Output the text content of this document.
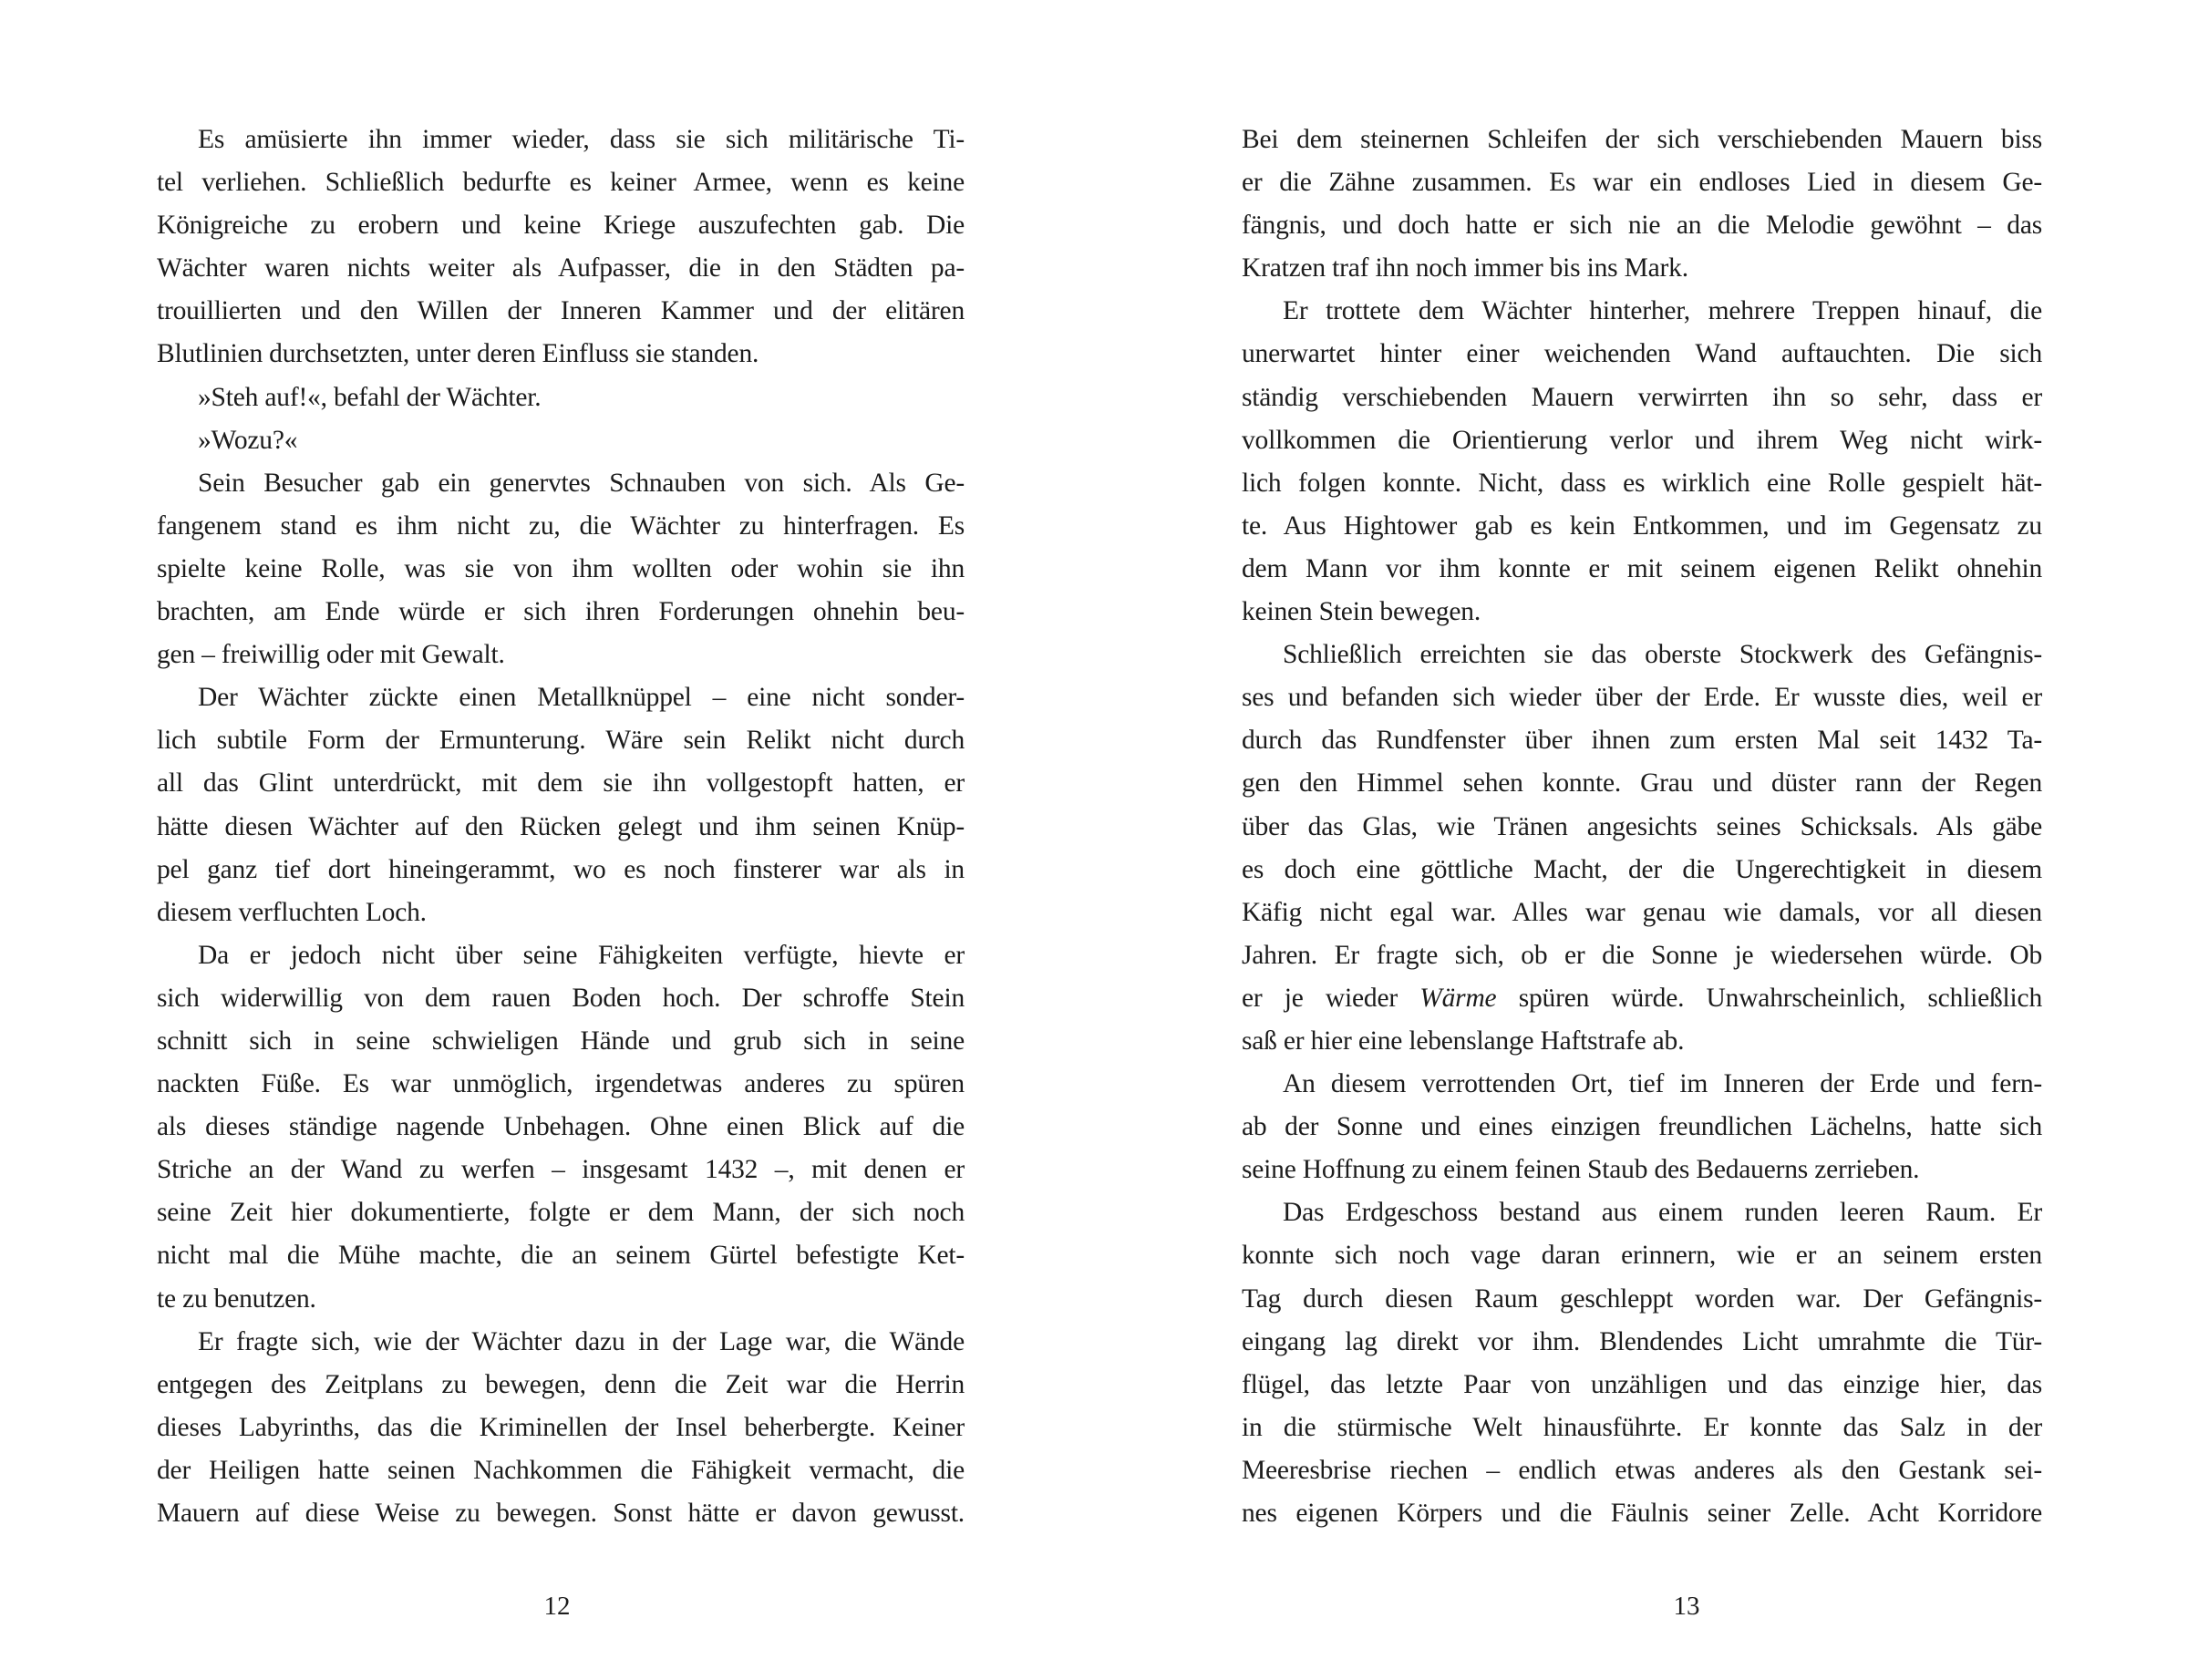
Es amüsierte ihn immer wieder, dass sie sich militärische Ti-
tel verliehen. Schließlich bedurfte es keiner Armee, wenn es keine
Königreiche zu erobern und keine Kriege auszufechten gab. Die
Wächter waren nichts weiter als Aufpasser, die in den Städten pa-
trouillierten und den Willen der Inneren Kammer und der elitären
Blutlinien durchsetzten, unter deren Einfluss sie standen.
»Steh auf!«, befahl der Wächter.
»Wozu?«
Sein Besucher gab ein genervtes Schnauben von sich. Als Ge-
fangenem stand es ihm nicht zu, die Wächter zu hinterfragen. Es
spielte keine Rolle, was sie von ihm wollten oder wohin sie ihn
brachten, am Ende würde er sich ihren Forderungen ohnehin beu-
gen – freiwillig oder mit Gewalt.
Der Wächter zückte einen Metallknüppel – eine nicht sonder-
lich subtile Form der Ermunterung. Wäre sein Relikt nicht durch
all das Glint unterdrückt, mit dem sie ihn vollgestopft hatten, er
hätte diesen Wächter auf den Rücken gelegt und ihm seinen Knüp-
pel ganz tief dort hineingerammt, wo es noch finsterer war als in
diesem verfluchten Loch.
Da er jedoch nicht über seine Fähigkeiten verfügte, hievte er
sich widerwillig von dem rauen Boden hoch. Der schroffe Stein
schnitt sich in seine schwieligen Hände und grub sich in seine
nackten Füße. Es war unmöglich, irgendetwas anderes zu spüren
als dieses ständige nagende Unbehagen. Ohne einen Blick auf die
Striche an der Wand zu werfen – insgesamt 1432 –, mit denen er
seine Zeit hier dokumentierte, folgte er dem Mann, der sich noch
nicht mal die Mühe machte, die an seinem Gürtel befestigte Ket-
te zu benutzen.
Er fragte sich, wie der Wächter dazu in der Lage war, die Wände
entgegen des Zeitplans zu bewegen, denn die Zeit war die Herrin
dieses Labyrinths, das die Kriminellen der Insel beherbergte. Keiner
der Heiligen hatte seinen Nachkommen die Fähigkeit vermacht, die
Mauern auf diese Weise zu bewegen. Sonst hätte er davon gewusst.
12
Bei dem steinernen Schleifen der sich verschiebenden Mauern biss
er die Zähne zusammen. Es war ein endloses Lied in diesem Ge-
fängnis, und doch hatte er sich nie an die Melodie gewöhnt – das
Kratzen traf ihn noch immer bis ins Mark.
Er trottete dem Wächter hinterher, mehrere Treppen hinauf, die
unerwartet hinter einer weichenden Wand auftauchten. Die sich
ständig verschiebenden Mauern verwirrten ihn so sehr, dass er
vollkommen die Orientierung verlor und ihrem Weg nicht wirk-
lich folgen konnte. Nicht, dass es wirklich eine Rolle gespielt hät-
te. Aus Hightower gab es kein Entkommen, und im Gegensatz zu
dem Mann vor ihm konnte er mit seinem eigenen Relikt ohnehin
keinen Stein bewegen.
Schließlich erreichten sie das oberste Stockwerk des Gefängnis-
ses und befanden sich wieder über der Erde. Er wusste dies, weil er
durch das Rundfenster über ihnen zum ersten Mal seit 1432 Ta-
gen den Himmel sehen konnte. Grau und düster rann der Regen
über das Glas, wie Tränen angesichts seines Schicksals. Als gäbe
es doch eine göttliche Macht, der die Ungerechtigkeit in diesem
Käfig nicht egal war. Alles war genau wie damals, vor all diesen
Jahren. Er fragte sich, ob er die Sonne je wiedersehen würde. Ob
er je wieder Wärme spüren würde. Unwahrscheinlich, schließlich
saß er hier eine lebenslange Haftstrafe ab.
An diesem verrottenden Ort, tief im Inneren der Erde und fern-
ab der Sonne und eines einzigen freundlichen Lächelns, hatte sich
seine Hoffnung zu einem feinen Staub des Bedauerns zerrieben.
Das Erdgeschoss bestand aus einem runden leeren Raum. Er
konnte sich noch vage daran erinnern, wie er an seinem ersten
Tag durch diesen Raum geschleppt worden war. Der Gefängnis-
eingang lag direkt vor ihm. Blendendes Licht umrahmte die Tür-
flügel, das letzte Paar von unzähligen und das einzige hier, das
in die stürmische Welt hinausführte. Er konnte das Salz in der
Meeresbrise riechen – endlich etwas anderes als den Gestank sei-
nes eigenen Körpers und die Fäulnis seiner Zelle. Acht Korridore
13
